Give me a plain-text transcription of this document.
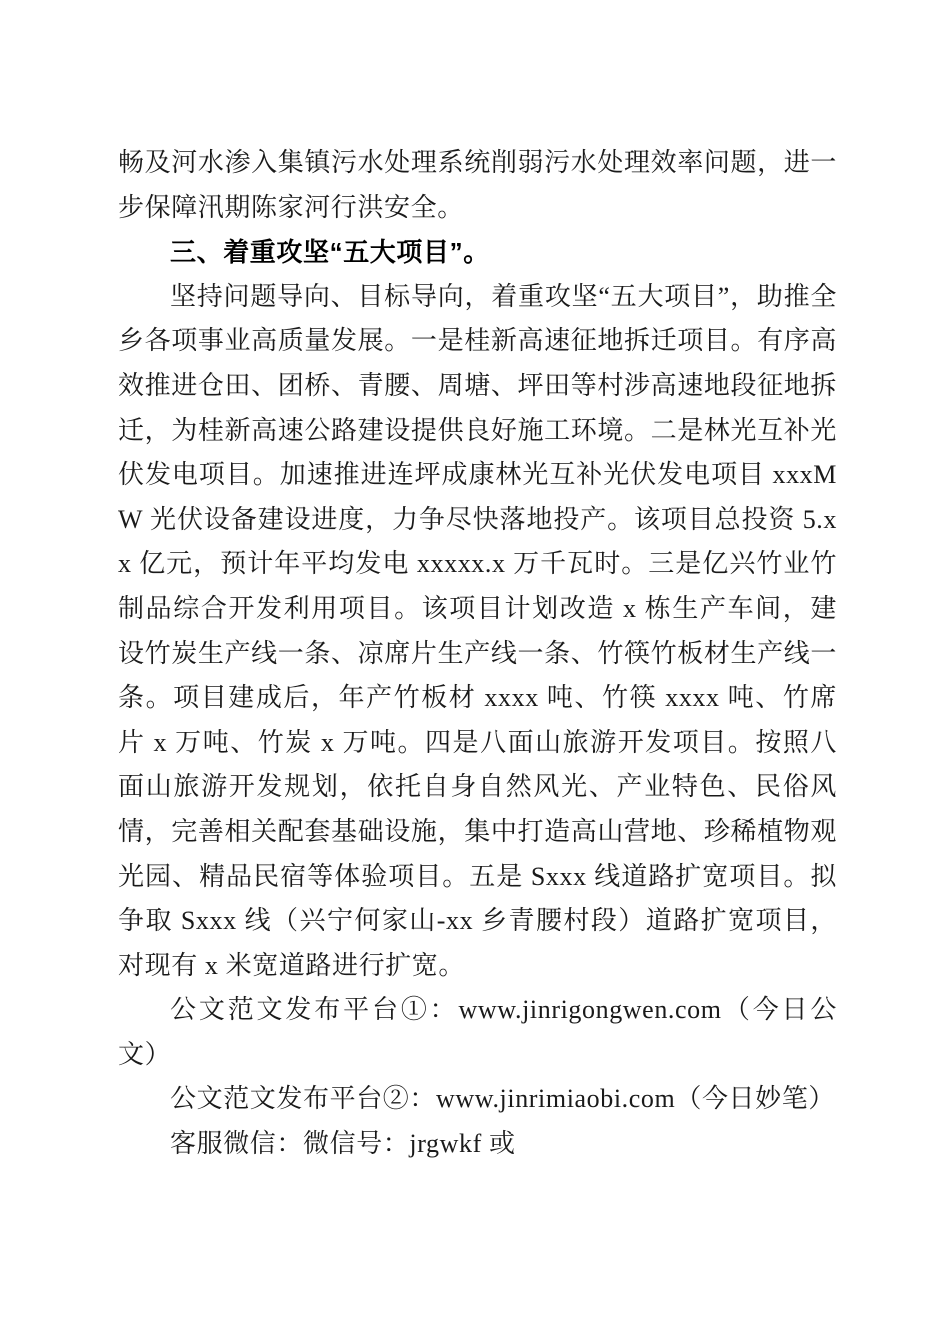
畅及河水渗入集镇污水处理系统削弱污水处理效率问题，进一步保障汛期陈家河行洪安全。

三、着重攻坚“五大项目”。

坚持问题导向、目标导向，着重攻坚“五大项目”，助推全乡各项事业高质量发展。一是桂新高速征地拆迁项目。有序高效推进仓田、团桥、青腰、周塘、坪田等村涉高速地段征地拆迁，为桂新高速公路建设提供良好施工环境。二是林光互补光伏发电项目。加速推进连坪成康林光互补光伏发电项目 xxxMW 光伏设备建设进度，力争尽快落地投产。该项目总投资 5.xx 亿元，预计年平均发电 xxxxx.x 万千瓦时。三是亿兴竹业竹制品综合开发利用项目。该项目计划改造 x 栋生产车间，建设竹炭生产线一条、凉席片生产线一条、竹筷竹板材生产线一条。项目建成后，年产竹板材 xxxx 吨、竹筷 xxxx 吨、竹席片 x 万吨、竹炭 x 万吨。四是八面山旅游开发项目。按照八面山旅游开发规划，依托自身自然风光、产业特色、民俗风情，完善相关配套基础设施，集中打造高山营地、珍稀植物观光园、精品民宿等体验项目。五是 Sxxx 线道路扩宽项目。拟争取 Sxxx 线（兴宁何家山-xx 乡青腰村段）道路扩宽项目，对现有 x 米宽道路进行扩宽。

公文范文发布平台①：www.jinrigongwen.com（今日公文）

公文范文发布平台②：www.jinrimiaobi.com（今日妙笔）

客服微信：微信号：jrgwkf 或
